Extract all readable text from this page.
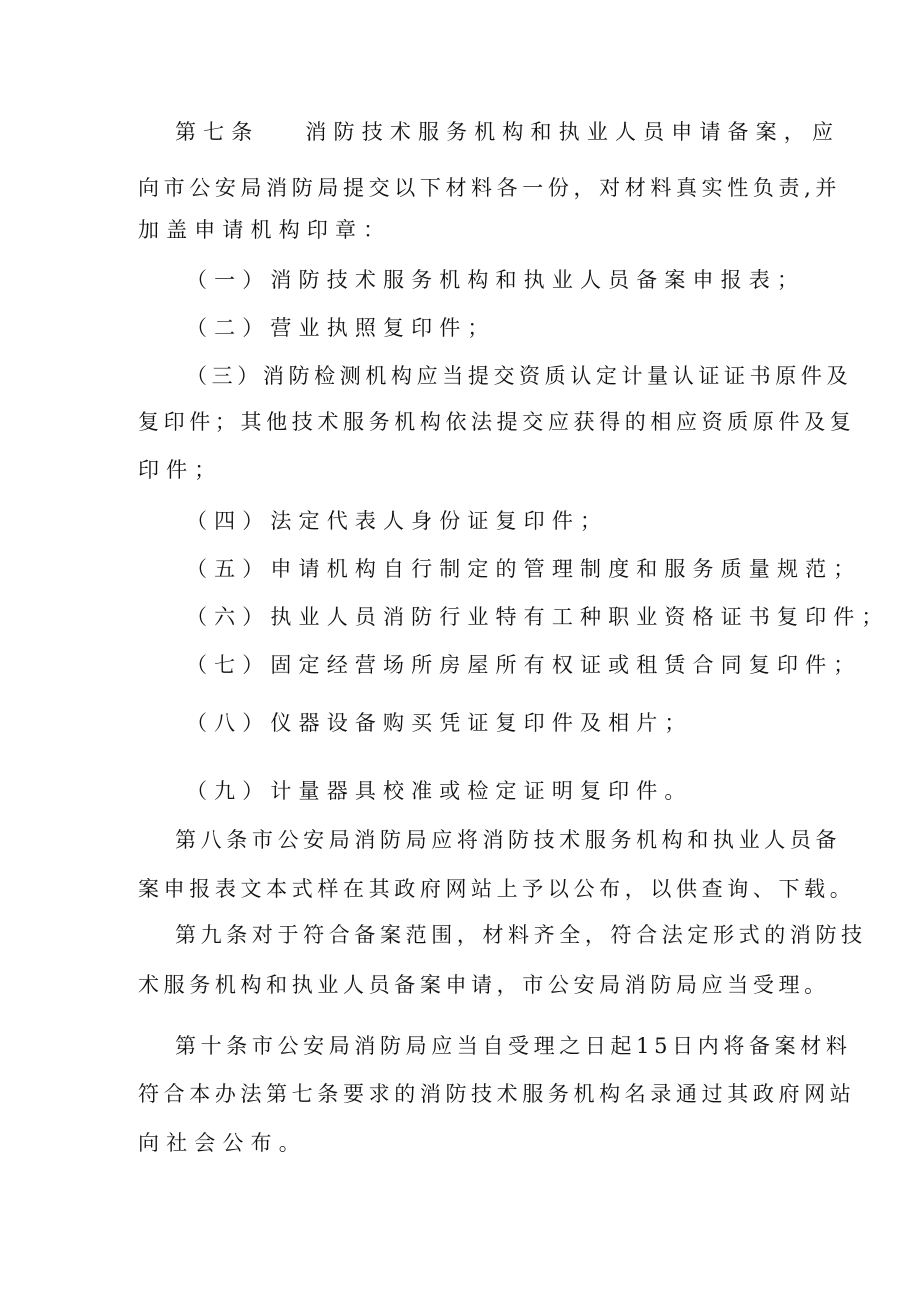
第七条 消防技术服务机构和执业人员申请备案，应
向市公安局消防局提交以下材料各一份，对材料真实性负责,并
加盖申请机构印章：
（一）消防技术服务机构和执业人员备案申报表；
（二）营业执照复印件；
（三）消防检测机构应当提交资质认定计量认证证书原件及
复印件；其他技术服务机构依法提交应获得的相应资质原件及复
印件；
（四）法定代表人身份证复印件；
（五）申请机构自行制定的管理制度和服务质量规范；
（六）执业人员消防行业特有工种职业资格证书复印件；
（七）固定经营场所房屋所有权证或租赁合同复印件；
（八）仪器设备购买凭证复印件及相片；
（九）计量器具校准或检定证明复印件。
第八条市公安局消防局应将消防技术服务机构和执业人员备
案申报表文本式样在其政府网站上予以公布，以供查询、下载。
第九条对于符合备案范围，材料齐全，符合法定形式的消防技
术服务机构和执业人员备案申请，市公安局消防局应当受理。
第十条市公安局消防局应当自受理之日起15日内将备案材料
符合本办法第七条要求的消防技术服务机构名录通过其政府网站
向社会公布。
